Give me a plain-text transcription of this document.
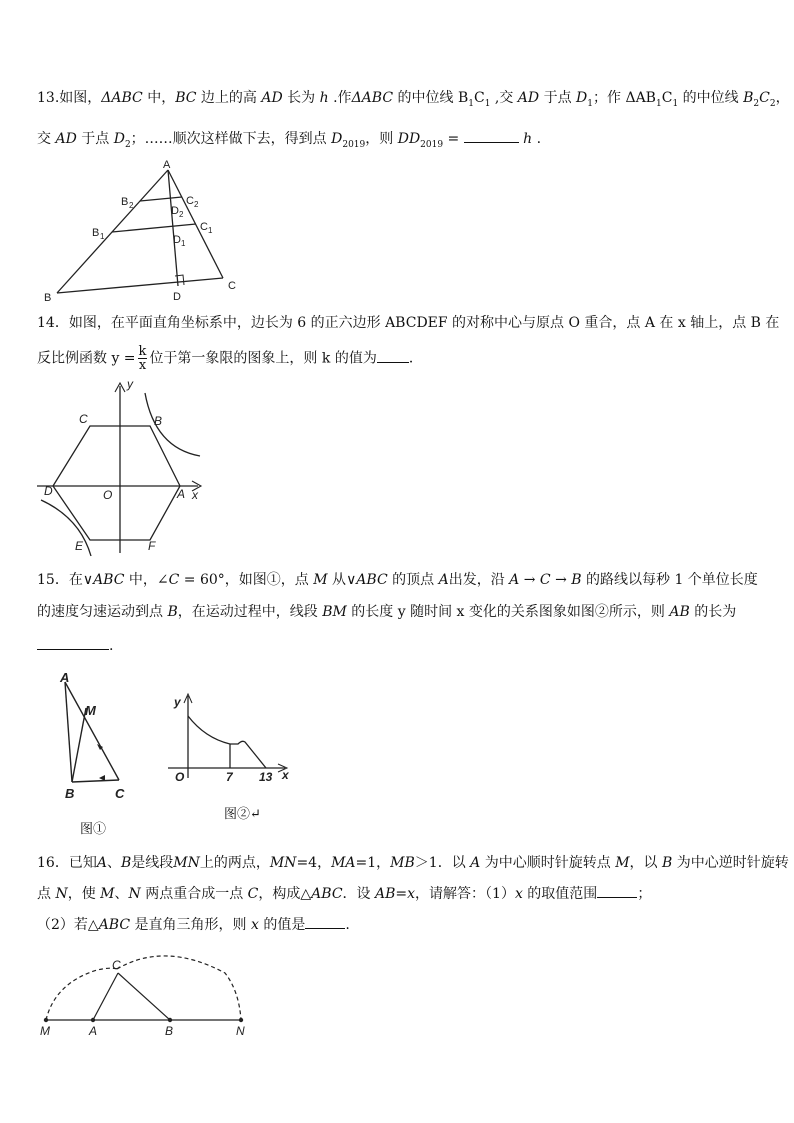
13.如图，ΔABC 中，BC 边上的高 AD 长为 h .作ΔABC 的中位线 $B_1C_1$ ,交 AD 于点 $D_1$；作 $\Delta AB_1C_1$ 的中位线 $B_2C_2$，
交 AD 于点 $D_2$；……顺次这样做下去，得到点 $D_{2019}$，则 $DD_{2019}$ =	h .
A
B
C
D
B 1
C 1
D 1
B 2	C 2
D 2
14．如图，在平面直角坐标系中，边长为 6 的正六边形 ABCDEF 的对称中心与原点 O 重合，点 A 在 x 轴上，点 B 在
反比例函数 $y = \frac{k}{x}$ 位于第一象限的图象上，则 k 的值为 ．
y
x
O	A
B
C
D
E	F
15．在∨ABC 中，∠C = 60°，如图①，点 M 从∨ABC 的顶点 A出发，沿 A → C → B 的路线以每秒 1 个单位长度
的速度匀速运动到点 B，在运动过程中，线段 BM 的长度 y 随时间 x 变化的关系图象如图②所示，则 AB 的长为
.
A
M
B	C
图①
y
O	7 13 x
图②↵
16．已知A、B是线段MN上的两点，MN=4，MA=1，MB＞1．以 A 为中心顺时针旋转点 M，以 B 为中心逆时针旋转
点 N，使 M、N 两点重合成一点 C，构成△ABC．设 AB=x，请解答：（1）x 的取值范围	；
（2）若△ABC 是直角三角形，则 x 的值是	.
C
M	A	B	N
